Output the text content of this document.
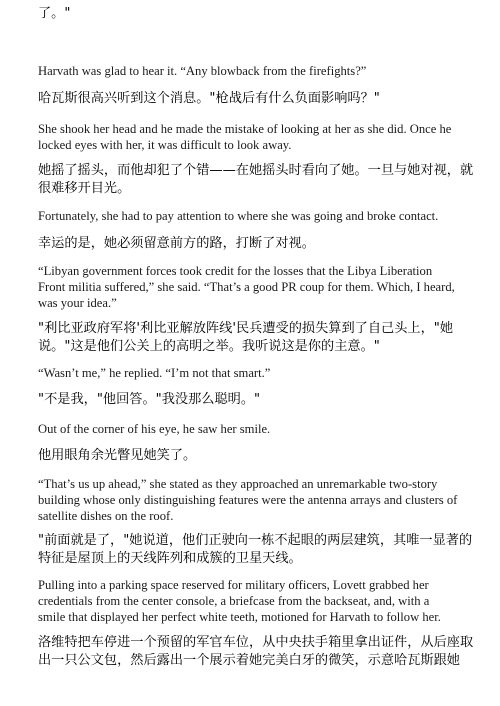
了。"

Harvath was glad to hear it. “Any blowback from the firefights?”

哈瓦斯很高兴听到这个消息。"枪战后有什么负面影响吗？"

She shook her head and he made the mistake of looking at her as she did. Once he
locked eyes with her, it was difficult to look away.

她摇了摇头，而他却犯了个错——在她摇头时看向了她。一旦与她对视，就
很难移开目光。

Fortunately, she had to pay attention to where she was going and broke contact.

幸运的是，她必须留意前方的路，打断了对视。

“Libyan government forces took credit for the losses that the Libya Liberation
Front militia suffered,” she said. “That’s a good PR coup for them. Which, I heard,
was your idea.”

"利比亚政府军将'利比亚解放阵线'民兵遭受的损失算到了自己头上，"她
说。"这是他们公关上的高明之举。我听说这是你的主意。"

“Wasn’t me,” he replied. “I’m not that smart.”

"不是我，"他回答。"我没那么聪明。"

Out of the corner of his eye, he saw her smile.

他用眼角余光瞥见她笑了。

“That’s us up ahead,” she stated as they approached an unremarkable two-story
building whose only distinguishing features were the antenna arrays and clusters of
satellite dishes on the roof.

"前面就是了，"她说道，他们正驶向一栋不起眼的两层建筑，其唯一显著的
特征是屋顶上的天线阵列和成簇的卫星天线。

Pulling into a parking space reserved for military officers, Lovett grabbed her
credentials from the center console, a briefcase from the backseat, and, with a
smile that displayed her perfect white teeth, motioned for Harvath to follow her.

洛维特把车停进一个预留的军官车位，从中央扶手箱里拿出证件，从后座取
出一只公文包，然后露出一个展示着她完美白牙的微笑，示意哈瓦斯跟她
